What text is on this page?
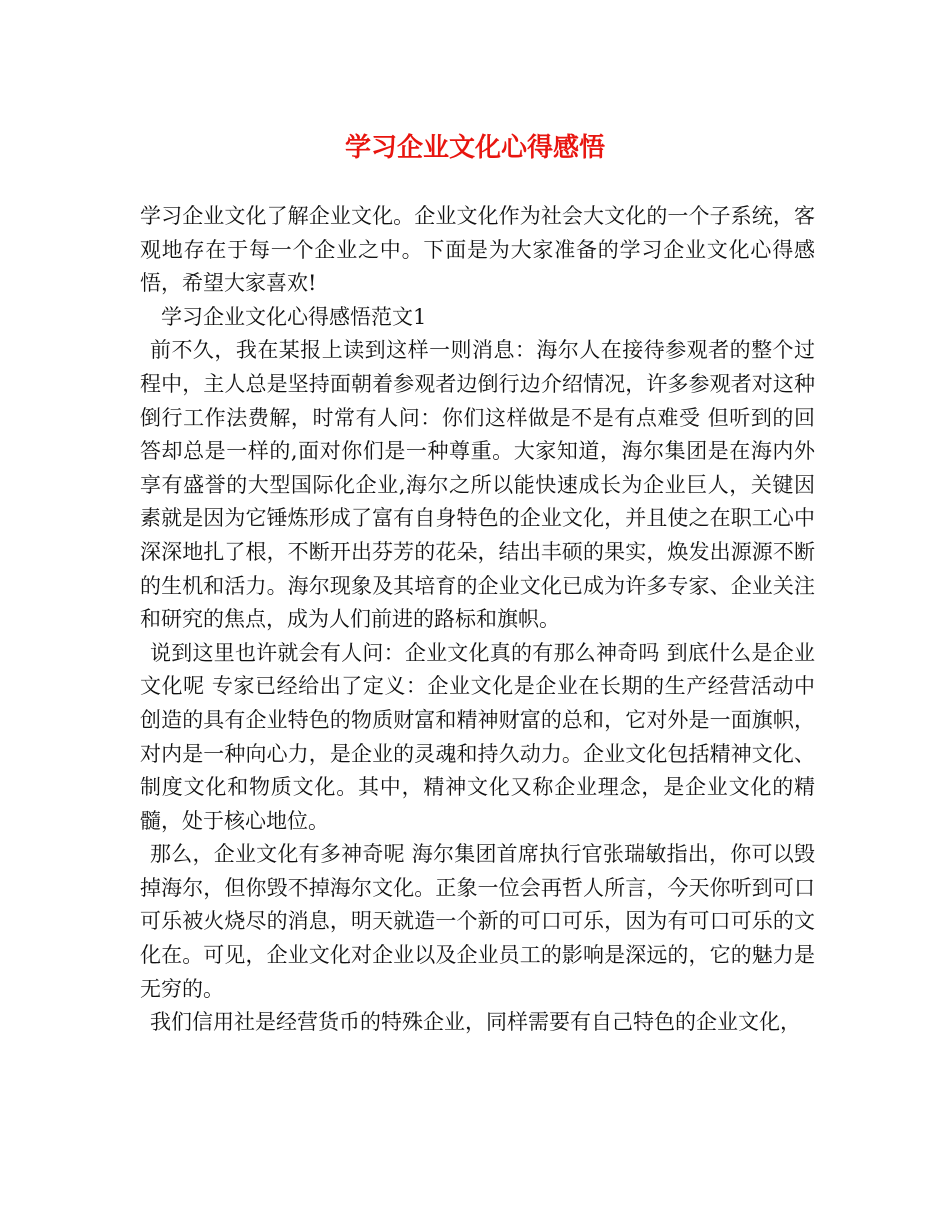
学习企业文化心得感悟

学习企业文化了解企业文化。企业文化作为社会大文化的一个子系统，客观地存在于每一个企业之中。下面是为大家准备的学习企业文化心得感悟，希望大家喜欢!

学习企业文化心得感悟范文1

前不久，我在某报上读到这样一则消息：海尔人在接待参观者的整个过程中，主人总是坚持面朝着参观者边倒行边介绍情况，许多参观者对这种倒行工作法费解，时常有人问：你们这样做是不是有点难受 但听到的回答却总是一样的,面对你们是一种尊重。大家知道，海尔集团是在海内外享有盛誉的大型国际化企业,海尔之所以能快速成长为企业巨人，关键因素就是因为它锤炼形成了富有自身特色的企业文化，并且使之在职工心中深深地扎了根，不断开出芬芳的花朵，结出丰硕的果实，焕发出源源不断的生机和活力。海尔现象及其培育的企业文化已成为许多专家、企业关注和研究的焦点，成为人们前进的路标和旗帜。

说到这里也许就会有人问：企业文化真的有那么神奇吗 到底什么是企业文化呢 专家已经给出了定义：企业文化是企业在长期的生产经营活动中创造的具有企业特色的物质财富和精神财富的总和，它对外是一面旗帜，对内是一种向心力，是企业的灵魂和持久动力。企业文化包括精神文化、制度文化和物质文化。其中，精神文化又称企业理念，是企业文化的精髓，处于核心地位。

那么，企业文化有多神奇呢 海尔集团首席执行官张瑞敏指出，你可以毁掉海尔，但你毁不掉海尔文化。正象一位会再哲人所言，今天你听到可口可乐被火烧尽的消息，明天就造一个新的可口可乐，因为有可口可乐的文化在。可见，企业文化对企业以及企业员工的影响是深远的，它的魅力是无穷的。

我们信用社是经营货币的特殊企业，同样需要有自己特色的企业文化，
